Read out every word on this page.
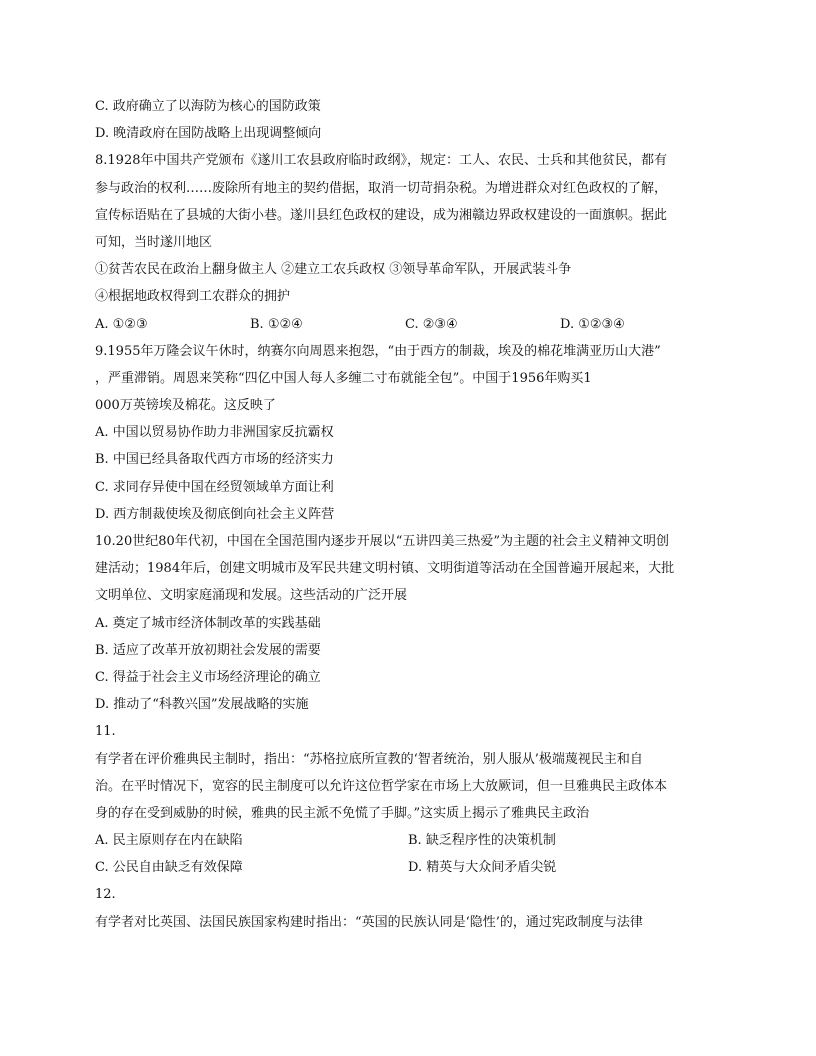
C. 政府确立了以海防为核心的国防政策
D. 晚清政府在国防战略上出现调整倾向
8.1928年中国共产党颁布《遂川工农县政府临时政纲》，规定：工人、农民、士兵和其他贫民，都有
参与政治的权利……废除所有地主的契约借据，取消一切苛捐杂税。为增进群众对红色政权的了解，
宣传标语贴在了县城的大街小巷。遂川县红色政权的建设，成为湘赣边界政权建设的一面旗帜。据此
可知，当时遂川地区
①贫苦农民在政治上翻身做主人 ②建立工农兵政权 ③领导革命军队，开展武装斗争
④根据地政权得到工农群众的拥护
A. ①②③	B. ①②④	C. ②③④	D. ①②③④
9.1955年万隆会议午休时，纳赛尔向周恩来抱怨，“由于西方的制裁，埃及的棉花堆满亚历山大港”
，严重滞销。周恩来笑称“四亿中国人每人多缠二寸布就能全包”。中国于1956年购买1
000万英镑埃及棉花。这反映了
A. 中国以贸易协作助力非洲国家反抗霸权
B. 中国已经具备取代西方市场的经济实力
C. 求同存异使中国在经贸领域单方面让利
D. 西方制裁使埃及彻底倒向社会主义阵营
10.20世纪80年代初，中国在全国范围内逐步开展以“五讲四美三热爱”为主题的社会主义精神文明创
建活动；1984年后，创建文明城市及军民共建文明村镇、文明街道等活动在全国普遍开展起来，大批
文明单位、文明家庭涌现和发展。这些活动的广泛开展
A. 奠定了城市经济体制改革的实践基础
B. 适应了改革开放初期社会发展的需要
C. 得益于社会主义市场经济理论的确立
D. 推动了“科教兴国”发展战略的实施
11.
有学者在评价雅典民主制时，指出：“苏格拉底所宣教的‘智者统治，别人服从’极端蔑视民主和自
治。在平时情况下，宽容的民主制度可以允许这位哲学家在市场上大放厥词，但一旦雅典民主政体本
身的存在受到威胁的时候，雅典的民主派不免慌了手脚。”这实质上揭示了雅典民主政治
A. 民主原则存在内在缺陷	B. 缺乏程序性的决策机制
C. 公民自由缺乏有效保障	D. 精英与大众间矛盾尖锐
12.
有学者对比英国、法国民族国家构建时指出：“英国的民族认同是‘隐性’的，通过宪政制度与法律
